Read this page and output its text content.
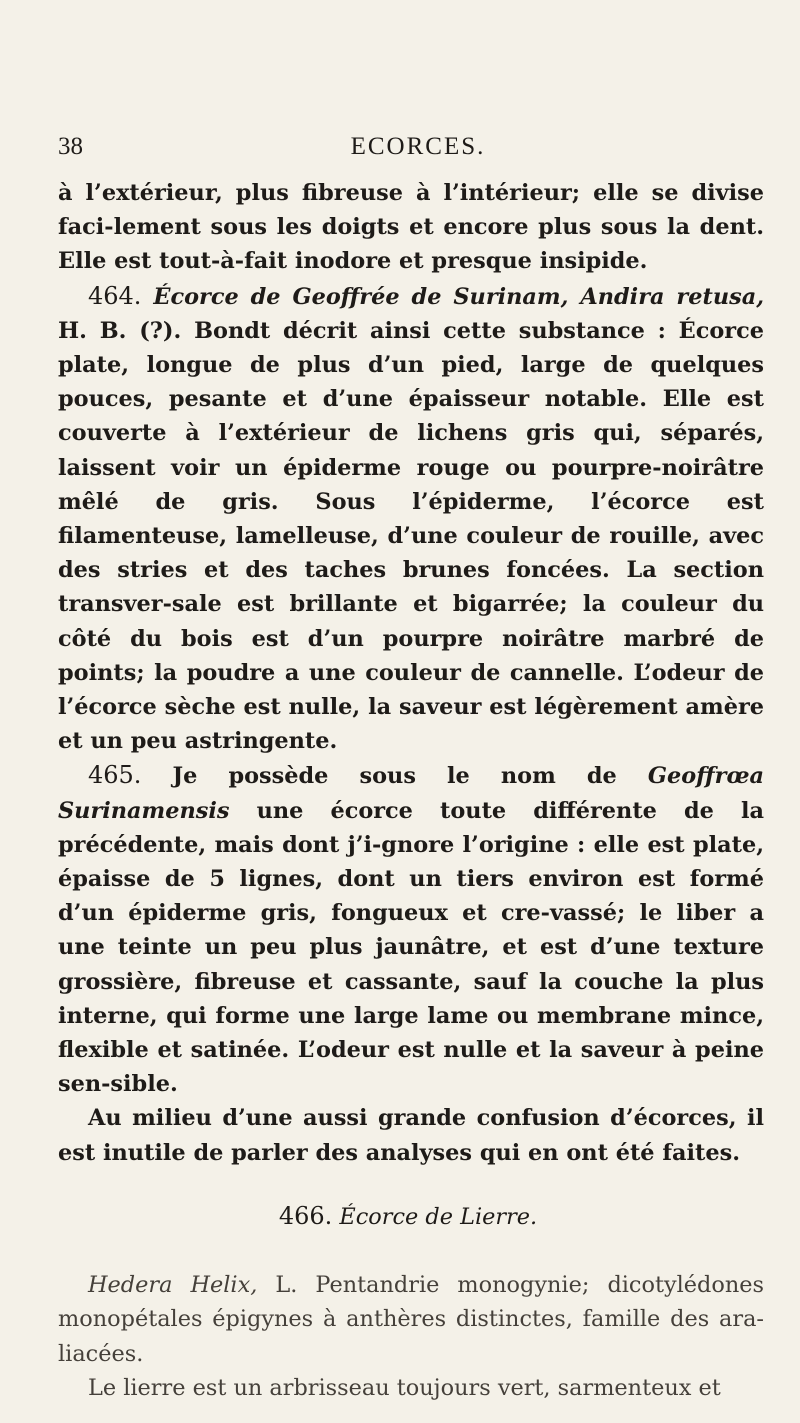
38	ECORCES.

à l’extérieur, plus fibreuse à l’intérieur; elle se divise faci-lement sous les doigts et encore plus sous la dent. Elle est tout-à-fait inodore et presque insipide.

464. Écorce de Geoffrée de Surinam, Andira retusa, H. B. (?). Bondt décrit ainsi cette substance : Écorce plate, longue de plus d’un pied, large de quelques pouces, pesante et d’une épaisseur notable. Elle est couverte à l’extérieur de lichens gris qui, séparés, laissent voir un épiderme rouge ou pourpre-noirâtre mêlé de gris. Sous l’épiderme, l’écorce est filamenteuse, lamelleuse, d’une couleur de rouille, avec des stries et des taches brunes foncées. La section transver-sale est brillante et bigarrée; la couleur du côté du bois est d’un pourpre noirâtre marbré de points; la poudre a une couleur de cannelle. L’odeur de l’écorce sèche est nulle, la saveur est légèrement amère et un peu astringente.

465. Je possède sous le nom de Geoffrœa Surinamensis une écorce toute différente de la précédente, mais dont j’i-gnore l’origine : elle est plate, épaisse de 5 lignes, dont un tiers environ est formé d’un épiderme gris, fongueux et cre-vassé; le liber a une teinte un peu plus jaunâtre, et est d’une texture grossière, fibreuse et cassante, sauf la couche la plus interne, qui forme une large lame ou membrane mince, flexible et satinée. L’odeur est nulle et la saveur à peine sen-sible.

Au milieu d’une aussi grande confusion d’écorces, il est inutile de parler des analyses qui en ont été faites.

466. Écorce de Lierre.

Hedera Helix, L. Pentandrie monogynie; dicotylédones monopétales épigynes à anthères distinctes, famille des ara-liacées.

Le lierre est un arbrisseau toujours vert, sarmenteux et
